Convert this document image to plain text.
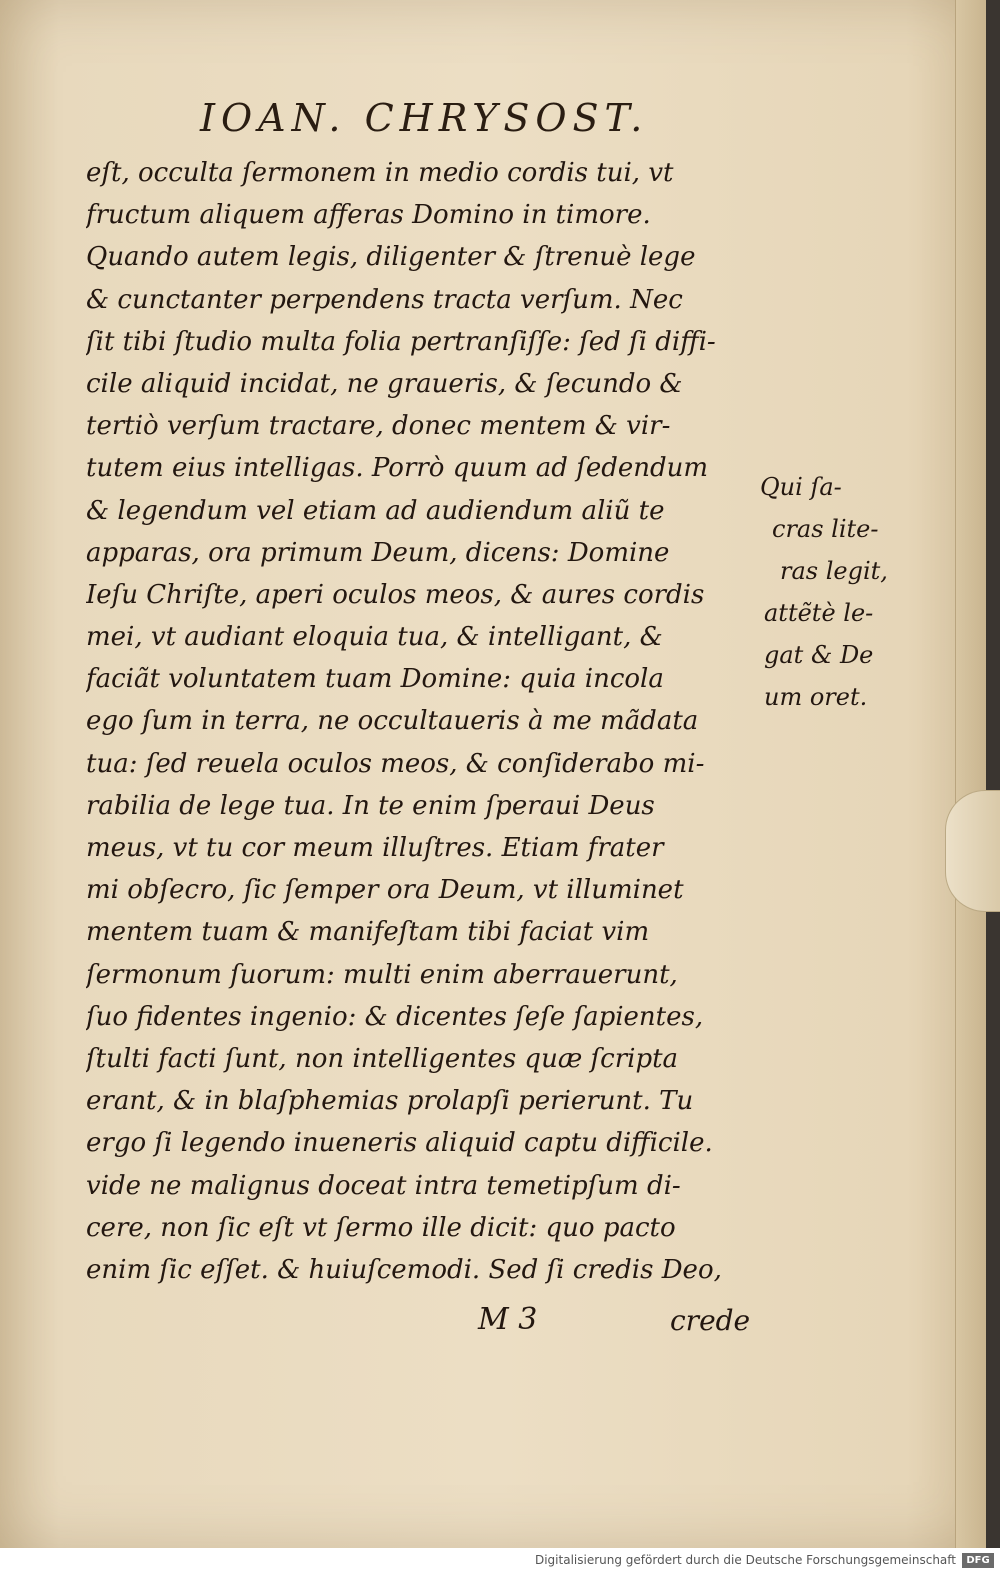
IOAN. CHRYSOST.
eſt, occulta ſermonem in medio cordis tui, vt
fructum aliquem afferas Domino in timore.
Quando autem legis, diligenter & ſtrenuè lege
& cunctanter perpendens tracta verſum. Nec
ſit tibi ſtudio multa folia pertranſiſſe: ſed ſi diffi-
cile aliquid incidat, ne graueris, & ſecundo &
tertiò verſum tractare, donec mentem & vir-
tutem eius intelligas. Porrò quum ad ſedendum
& legendum vel etiam ad audiendum aliũ te
apparas, ora primum Deum, dicens: Domine
Ieſu Chriſte, aperi oculos meos, & aures cordis
mei, vt audiant eloquia tua, & intelligant, &
faciãt voluntatem tuam Domine: quia incola
ego ſum in terra, ne occultaueris à me mãdata
tua: ſed reuela oculos meos, & conſiderabo mi-
rabilia de lege tua. In te enim ſperaui Deus
meus, vt tu cor meum illuſtres. Etiam frater
mi obſecro, ſic ſemper ora Deum, vt illuminet
mentem tuam & manifeſtam tibi faciat vim
ſermonum ſuorum: multi enim aberrauerunt,
ſuo fidentes ingenio: & dicentes ſeſe ſapientes,
ſtulti facti ſunt, non intelligentes quæ ſcripta
erant, & in blaſphemias prolapſi perierunt. Tu
ergo ſi legendo inueneris aliquid captu difficile.
vide ne malignus doceat intra temetipſum di-
cere, non ſic eſt vt ſermo ille dicit: quo pacto
enim ſic eſſet. & huiuſcemodi. Sed ſi credis Deo,
Qui ſa-
cras lite-
ras legit,
attẽtè le-
gat & De
um oret.
M 3	crede
Digitalisierung gefördert durch die Deutsche Forschungsgemeinschaft	DFG
